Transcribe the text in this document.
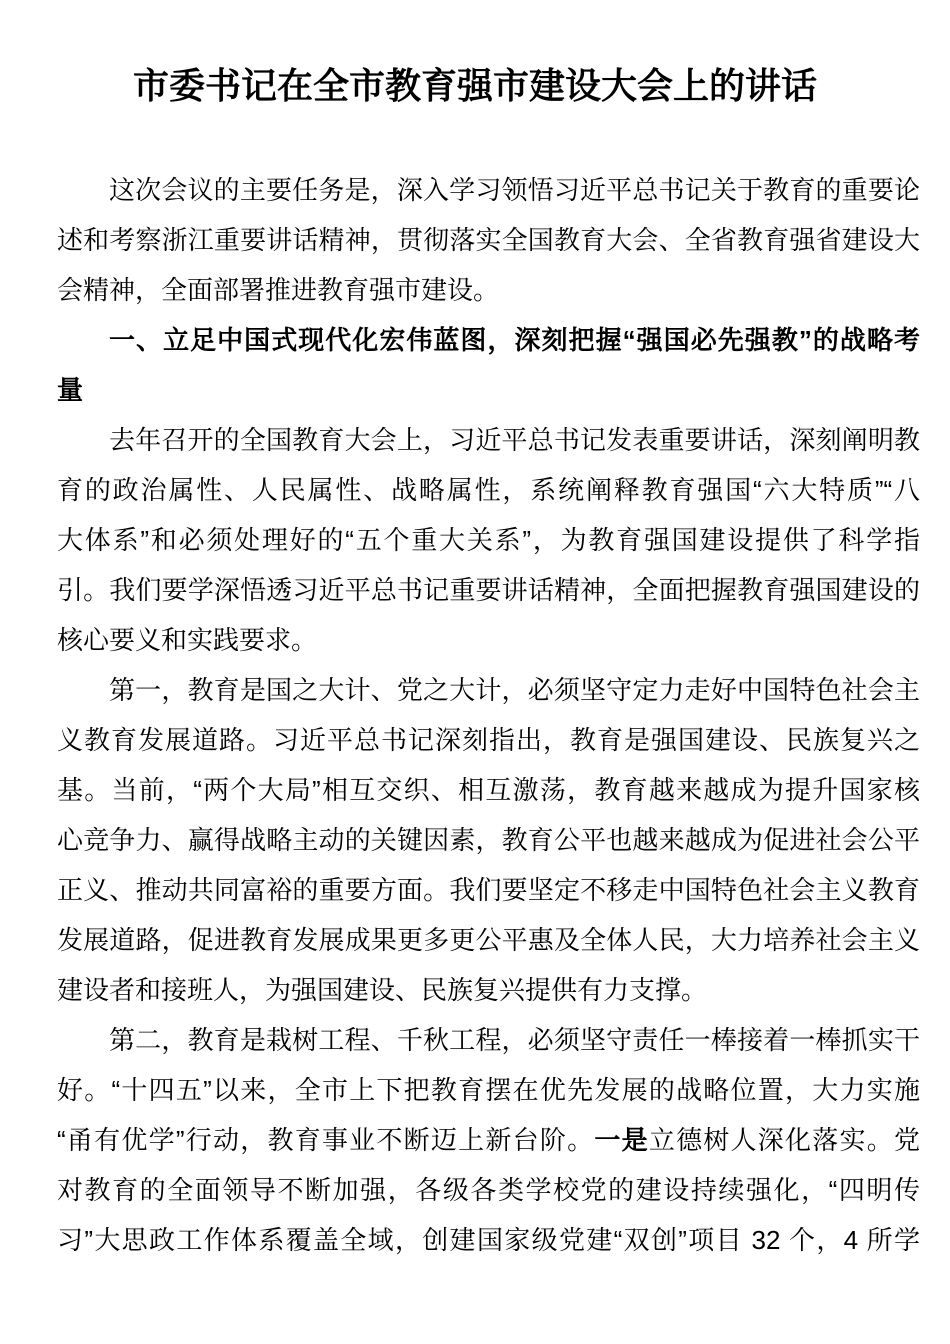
市委书记在全市教育强市建设大会上的讲话
这次会议的主要任务是，深入学习领悟习近平总书记关于教育的重要论
述和考察浙江重要讲话精神，贯彻落实全国教育大会、全省教育强省建设大
会精神，全面部署推进教育强市建设。
一、立足中国式现代化宏伟蓝图，深刻把握“强国必先强教”的战略考
量
去年召开的全国教育大会上，习近平总书记发表重要讲话，深刻阐明教
育的政治属性、人民属性、战略属性，系统阐释教育强国“六大特质”“八
大体系”和必须处理好的“五个重大关系”，为教育强国建设提供了科学指
引。我们要学深悟透习近平总书记重要讲话精神，全面把握教育强国建设的
核心要义和实践要求。
第一，教育是国之大计、党之大计，必须坚守定力走好中国特色社会主
义教育发展道路。习近平总书记深刻指出，教育是强国建设、民族复兴之
基。当前，“两个大局”相互交织、相互激荡，教育越来越成为提升国家核
心竞争力、赢得战略主动的关键因素，教育公平也越来越成为促进社会公平
正义、推动共同富裕的重要方面。我们要坚定不移走中国特色社会主义教育
发展道路，促进教育发展成果更多更公平惠及全体人民，大力培养社会主义
建设者和接班人，为强国建设、民族复兴提供有力支撑。
第二，教育是栽树工程、千秋工程，必须坚守责任一棒接着一棒抓实干
好。“十四五”以来，全市上下把教育摆在优先发展的战略位置，大力实施
“甬有优学”行动，教育事业不断迈上新台阶。一是立德树人深化落实。党
对教育的全面领导不断加强，各级各类学校党的建设持续强化，“四明传
习”大思政工作体系覆盖全域，创建国家级党建“双创”项目 32 个，4 所学
